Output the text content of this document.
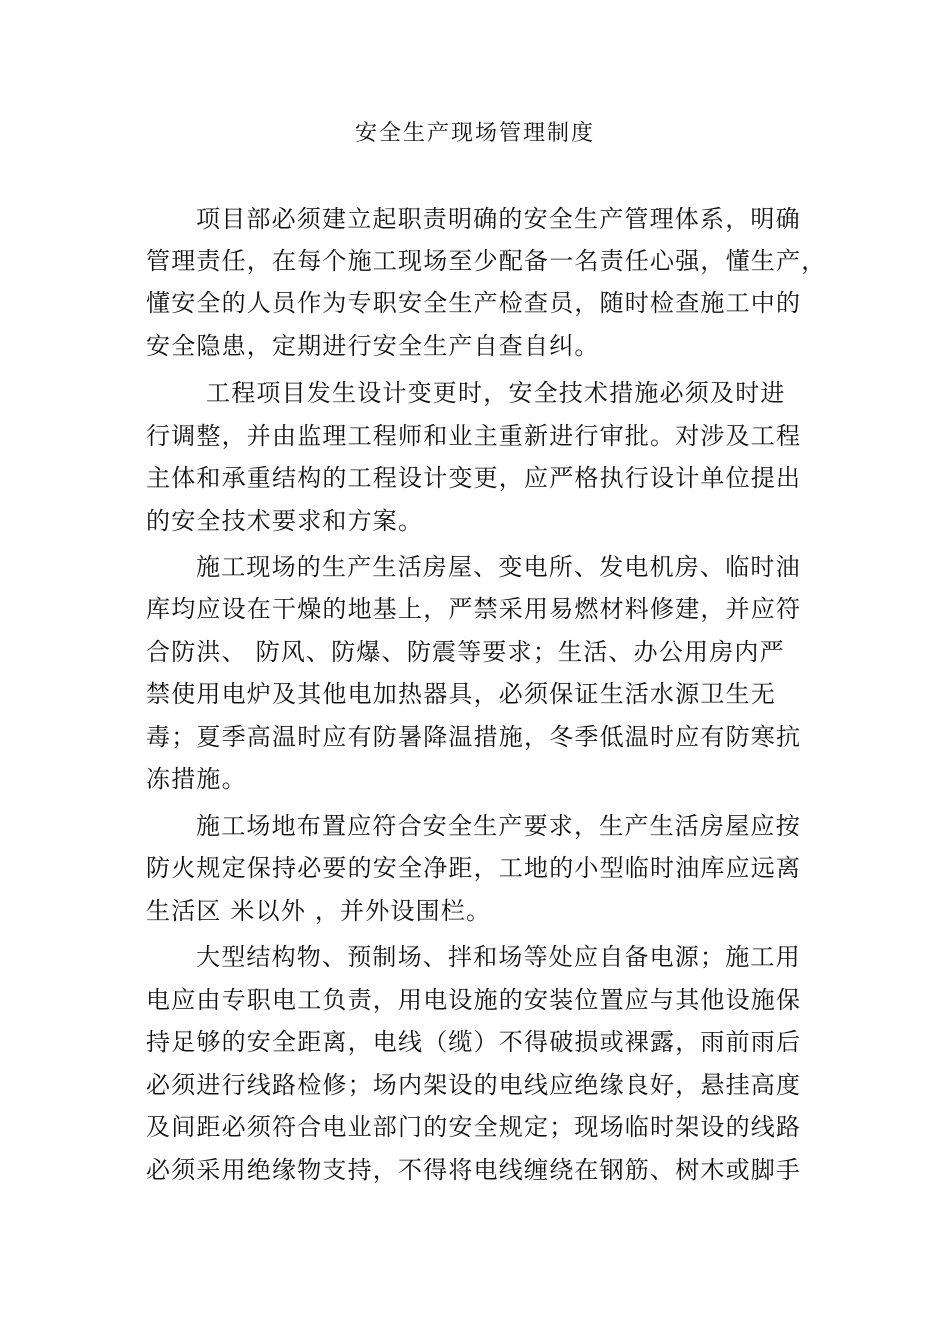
安全生产现场管理制度

项目部必须建立起职责明确的安全生产管理体系，明确

管理责任，在每个施工现场至少配备一名责任心强，懂生产，

懂安全的人员作为专职安全生产检查员，随时检查施工中的

安全隐患，定期进行安全生产自查自纠。

工程项目发生设计变更时，安全技术措施必须及时进

行调整，并由监理工程师和业主重新进行审批。对涉及工程

主体和承重结构的工程设计变更，应严格执行设计单位提出

的安全技术要求和方案。

施工现场的生产生活房屋、变电所、发电机房、临时油

库均应设在干燥的地基上，严禁采用易燃材料修建，并应符

合防洪、 防风、防爆、防震等要求；生活、办公用房内严

禁使用电炉及其他电加热器具，必须保证生活水源卫生无

毒；夏季高温时应有防暑降温措施，冬季低温时应有防寒抗

冻措施。

施工场地布置应符合安全生产要求，生产生活房屋应按

防火规定保持必要的安全净距，工地的小型临时油库应远离

生活区 米以外 ，并外设围栏。

大型结构物、预制场、拌和场等处应自备电源；施工用

电应由专职电工负责，用电设施的安装位置应与其他设施保

持足够的安全距离，电线（缆）不得破损或裸露，雨前雨后

必须进行线路检修；场内架设的电线应绝缘良好，悬挂高度

及间距必须符合电业部门的安全规定；现场临时架设的线路

必须采用绝缘物支持，不得将电线缠绕在钢筋、树木或脚手
